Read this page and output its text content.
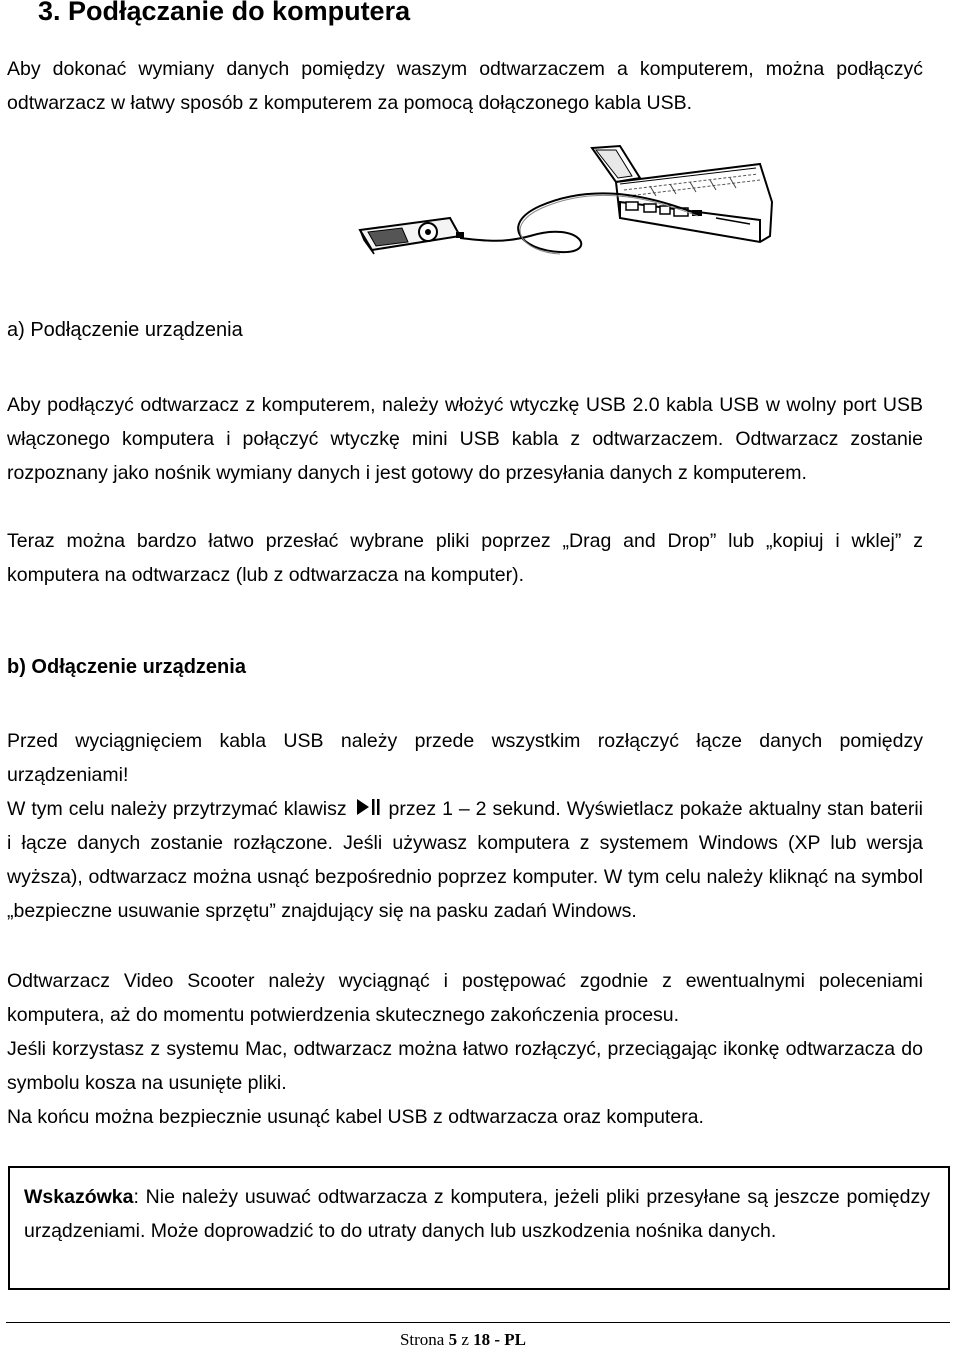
3. Podłączanie do komputera

Aby dokonać wymiany danych pomiędzy waszym odtwarzaczem a komputerem, można podłączyć odtwarzacz w łatwy sposób z komputerem za pomocą dołączonego kabla USB.

a) Podłączenie urządzenia

Aby podłączyć odtwarzacz z komputerem, należy włożyć wtyczkę USB 2.0 kabla USB w wolny port USB włączonego komputera i połączyć wtyczkę mini USB kabla z odtwarzaczem. Odtwarzacz zostanie rozpoznany jako nośnik wymiany danych i jest gotowy do przesyłania danych z komputerem.

Teraz można bardzo łatwo przesłać wybrane pliki poprzez „Drag and Drop” lub „kopiuj i wklej” z komputera na odtwarzacz (lub z odtwarzacza na komputer).

b) Odłączenie urządzenia

Przed wyciągnięciem kabla USB należy przede wszystkim rozłączyć łącze danych pomiędzy urządzeniami!

W tym celu należy przytrzymać klawisz przez 1 – 2 sekund. Wyświetlacz pokaże aktualny stan baterii i łącze danych zostanie rozłączone. Jeśli używasz komputera z systemem Windows (XP lub wersja wyższa), odtwarzacz można usnąć bezpośrednio poprzez komputer. W tym celu należy kliknąć na symbol „bezpieczne usuwanie sprzętu” znajdujący się na pasku zadań Windows.

Odtwarzacz Video Scooter należy wyciągnąć i postępować zgodnie z ewentualnymi poleceniami komputera, aż do momentu potwierdzenia skutecznego zakończenia procesu.

Jeśli korzystasz z systemu Mac, odtwarzacz można łatwo rozłączyć, przeciągając ikonkę odtwarzacza do symbolu kosza na usunięte pliki.

Na końcu można bezpiecznie usunąć kabel USB z odtwarzacza oraz komputera.

Wskazówka: Nie należy usuwać odtwarzacza z komputera, jeżeli pliki przesyłane są jeszcze pomiędzy urządzeniami. Może doprowadzić to do utraty danych lub uszkodzenia nośnika danych.

Strona 5 z 18 - PL
